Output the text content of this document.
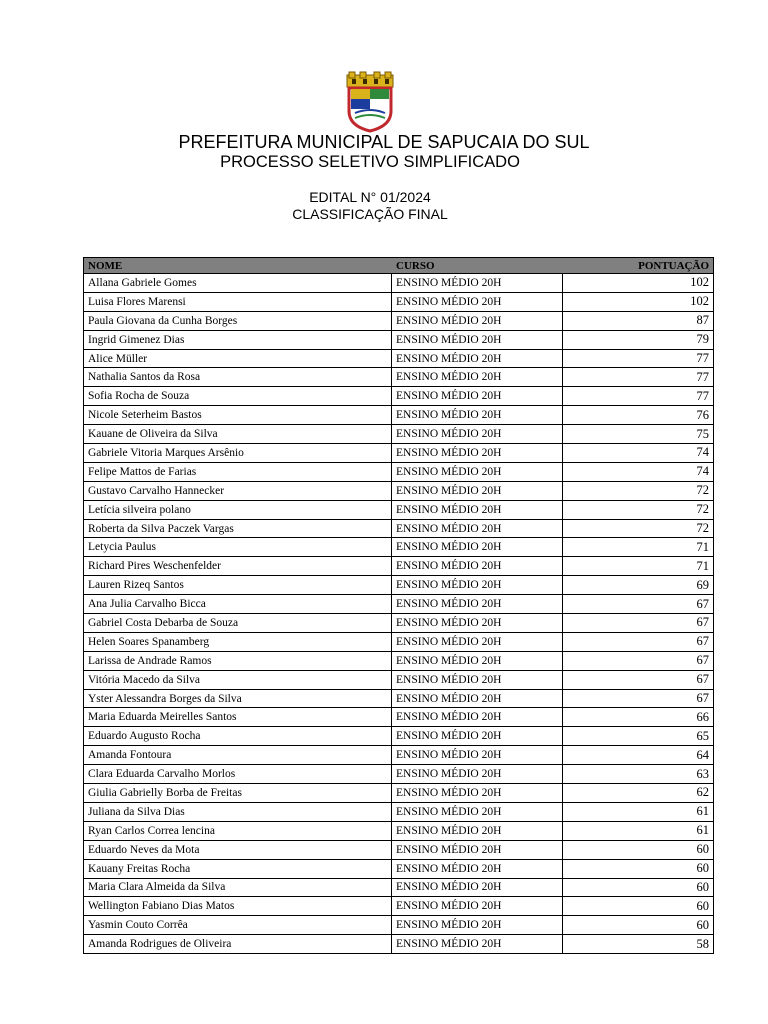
PREFEITURA MUNICIPAL DE SAPUCAIA DO SUL
PROCESSO SELETIVO SIMPLIFICADO
EDITAL N° 01/2024
CLASSIFICAÇÃO FINAL
NOME	CURSO	PONTUAÇÃO
Allana Gabriele Gomes	ENSINO MÉDIO 20H	102
Luisa Flores Marensi	ENSINO MÉDIO 20H	102
Paula Giovana da Cunha Borges	ENSINO MÉDIO 20H	87
Ingrid Gimenez Dias	ENSINO MÉDIO 20H	79
Alice Müller	ENSINO MÉDIO 20H	77
Nathalia Santos da Rosa	ENSINO MÉDIO 20H	77
Sofia Rocha de Souza	ENSINO MÉDIO 20H	77
Nicole Seterheim Bastos	ENSINO MÉDIO 20H	76
Kauane de Oliveira da Silva	ENSINO MÉDIO 20H	75
Gabriele Vitoria Marques Arsênio	ENSINO MÉDIO 20H	74
Felipe Mattos de Farias	ENSINO MÉDIO 20H	74
Gustavo Carvalho Hannecker	ENSINO MÉDIO 20H	72
Letícia silveira polano	ENSINO MÉDIO 20H	72
Roberta da Silva Paczek Vargas	ENSINO MÉDIO 20H	72
Letycia Paulus	ENSINO MÉDIO 20H	71
Richard Pires Weschenfelder	ENSINO MÉDIO 20H	71
Lauren Rizeq Santos	ENSINO MÉDIO 20H	69
Ana Julia Carvalho Bicca	ENSINO MÉDIO 20H	67
Gabriel Costa Debarba de Souza	ENSINO MÉDIO 20H	67
Helen Soares Spanamberg	ENSINO MÉDIO 20H	67
Larissa de Andrade Ramos	ENSINO MÉDIO 20H	67
Vitória Macedo da Silva	ENSINO MÉDIO 20H	67
Yster Alessandra Borges da Silva	ENSINO MÉDIO 20H	67
Maria Eduarda Meirelles Santos	ENSINO MÉDIO 20H	66
Eduardo Augusto Rocha	ENSINO MÉDIO 20H	65
Amanda Fontoura	ENSINO MÉDIO 20H	64
Clara Eduarda Carvalho Morlos	ENSINO MÉDIO 20H	63
Giulia Gabrielly Borba de Freitas	ENSINO MÉDIO 20H	62
Juliana da Silva Dias	ENSINO MÉDIO 20H	61
Ryan Carlos Correa lencina	ENSINO MÉDIO 20H	61
Eduardo Neves da Mota	ENSINO MÉDIO 20H	60
Kauany Freitas Rocha	ENSINO MÉDIO 20H	60
Maria Clara Almeida da Silva	ENSINO MÉDIO 20H	60
Wellington Fabiano Dias Matos	ENSINO MÉDIO 20H	60
Yasmin Couto Corrêa	ENSINO MÉDIO 20H	60
Amanda Rodrigues de Oliveira	ENSINO MÉDIO 20H	58
